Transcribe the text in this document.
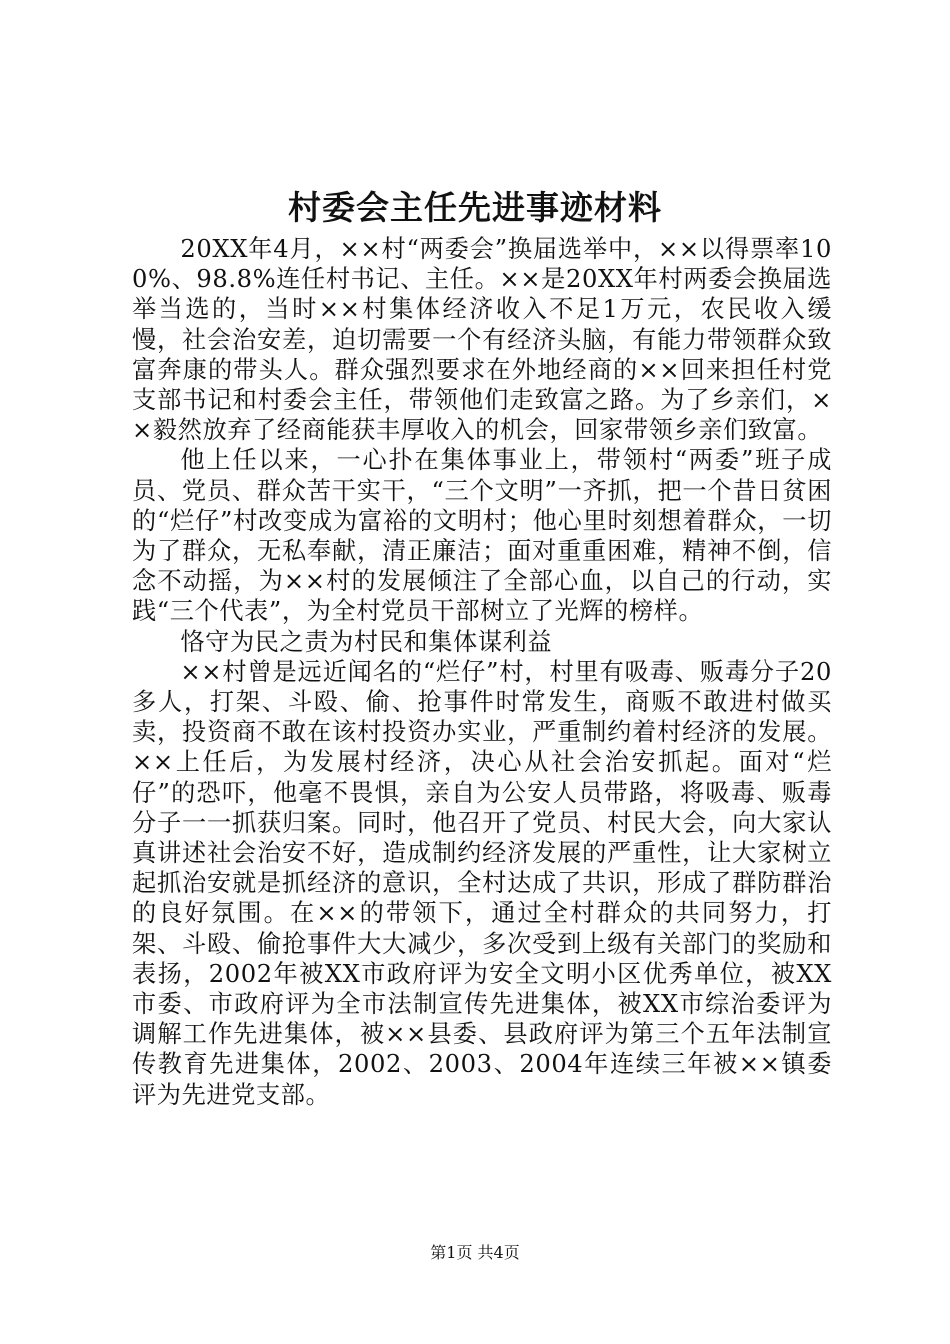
村委会主任先进事迹材料

20XX年4月，××村“两委会”换届选举中，××以得票率100%、98.8%连任村书记、主任。××是20XX年村两委会换届选举当选的，当时××村集体经济收入不足1万元，农民收入缓慢，社会治安差，迫切需要一个有经济头脑，有能力带领群众致富奔康的带头人。群众强烈要求在外地经商的××回来担任村党支部书记和村委会主任，带领他们走致富之路。为了乡亲们，××毅然放弃了经商能获丰厚收入的机会，回家带领乡亲们致富。

他上任以来，一心扑在集体事业上，带领村“两委”班子成员、党员、群众苦干实干，“三个文明”一齐抓，把一个昔日贫困的“烂仔”村改变成为富裕的文明村；他心里时刻想着群众，一切为了群众，无私奉献，清正廉洁；面对重重困难，精神不倒，信念不动摇，为××村的发展倾注了全部心血，以自己的行动，实践“三个代表”，为全村党员干部树立了光辉的榜样。

恪守为民之责为村民和集体谋利益

××村曾是远近闻名的“烂仔”村，村里有吸毒、贩毒分子20多人，打架、斗殴、偷、抢事件时常发生，商贩不敢进村做买卖，投资商不敢在该村投资办实业，严重制约着村经济的发展。××上任后，为发展村经济，决心从社会治安抓起。面对“烂仔”的恐吓，他毫不畏惧，亲自为公安人员带路，将吸毒、贩毒分子一一抓获归案。同时，他召开了党员、村民大会，向大家认真讲述社会治安不好，造成制约经济发展的严重性，让大家树立起抓治安就是抓经济的意识，全村达成了共识，形成了群防群治的良好氛围。在××的带领下，通过全村群众的共同努力，打架、斗殴、偷抢事件大大减少，多次受到上级有关部门的奖励和表扬，2002年被XX市政府评为安全文明小区优秀单位，被XX市委、市政府评为全市法制宣传先进集体，被XX市综治委评为调解工作先进集体，被××县委、县政府评为第三个五年法制宣传教育先进集体，2002、2003、2004年连续三年被××镇委评为先进党支部。

第1页 共4页
